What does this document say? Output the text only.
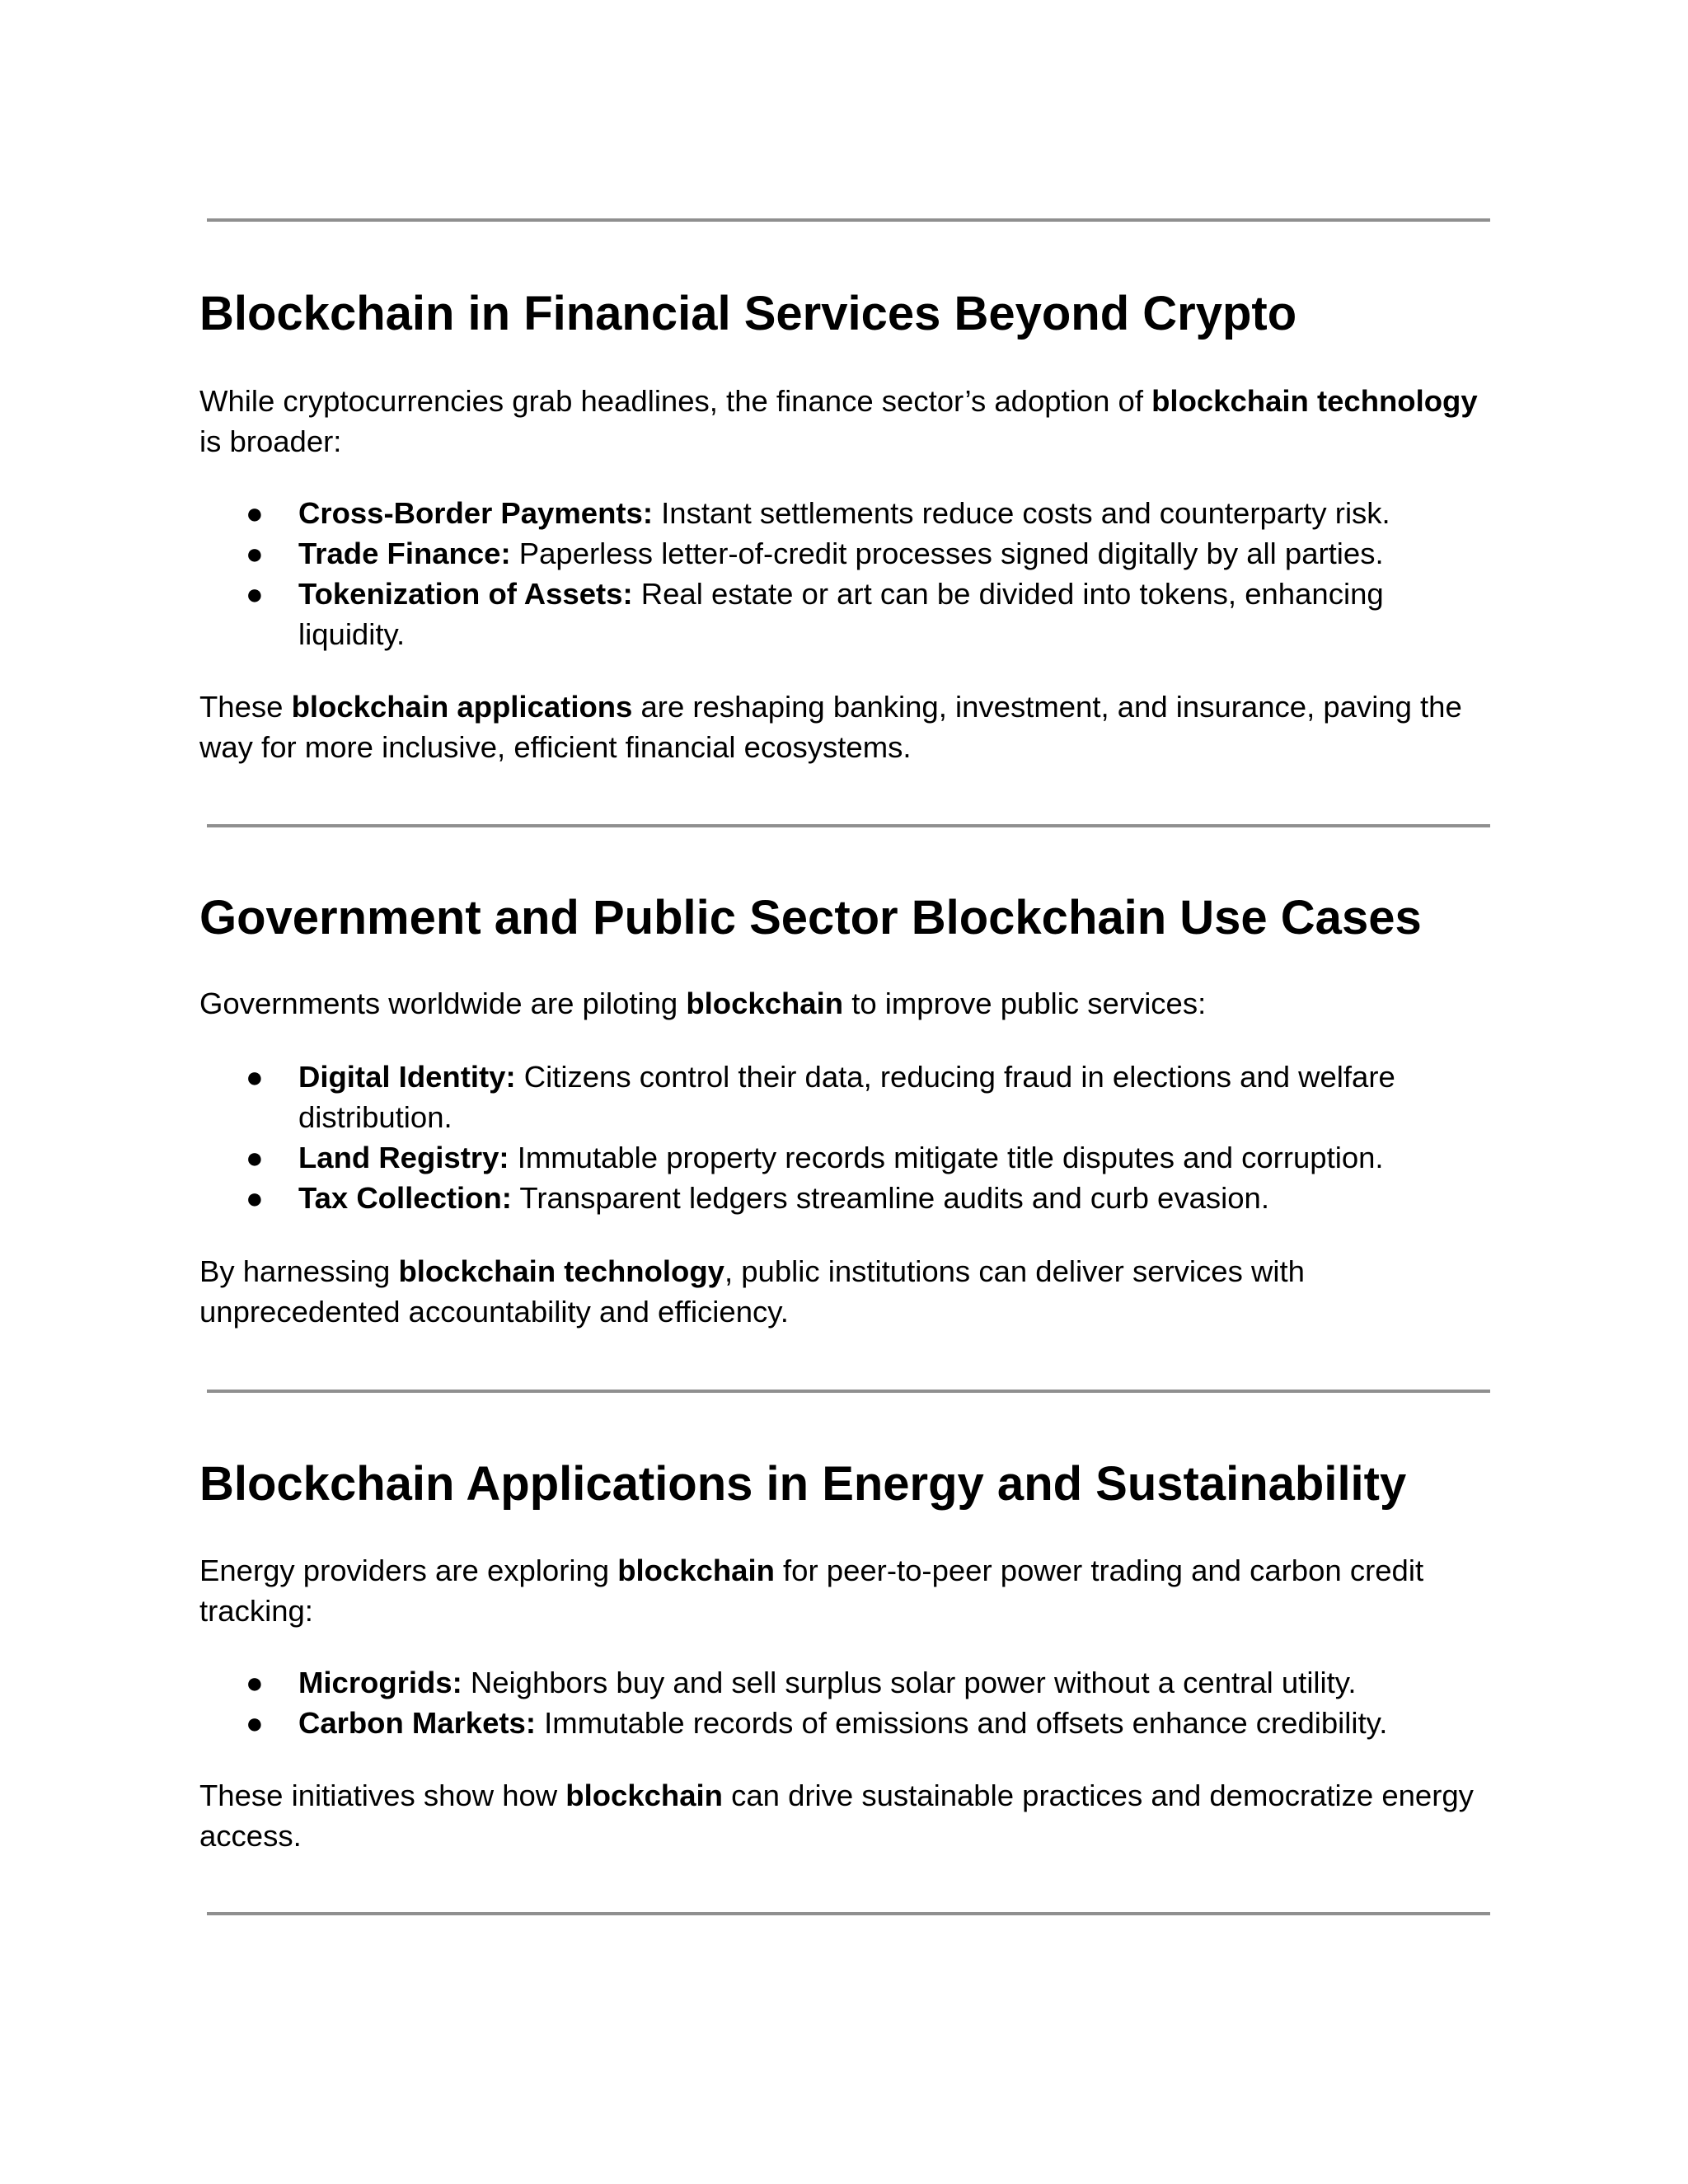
Blockchain in Financial Services Beyond Crypto

While cryptocurrencies grab headlines, the finance sector’s adoption of blockchain technology

is broader:

● Cross‑Border Payments: Instant settlements reduce costs and counterparty risk.
● Trade Finance: Paperless letter‑of‑credit processes signed digitally by all parties.
● Tokenization of Assets: Real estate or art can be divided into tokens, enhancing
liquidity.

These blockchain applications are reshaping banking, investment, and insurance, paving the

way for more inclusive, efficient financial ecosystems.

Government and Public Sector Blockchain Use Cases

Governments worldwide are piloting blockchain to improve public services:

● Digital Identity: Citizens control their data, reducing fraud in elections and welfare
distribution.
● Land Registry: Immutable property records mitigate title disputes and corruption.
● Tax Collection: Transparent ledgers streamline audits and curb evasion.

By harnessing blockchain technology, public institutions can deliver services with

unprecedented accountability and efficiency.

Blockchain Applications in Energy and Sustainability

Energy providers are exploring blockchain for peer‑to‑peer power trading and carbon credit

tracking:

● Microgrids: Neighbors buy and sell surplus solar power without a central utility.
● Carbon Markets: Immutable records of emissions and offsets enhance credibility.

These initiatives show how blockchain can drive sustainable practices and democratize energy

access.
